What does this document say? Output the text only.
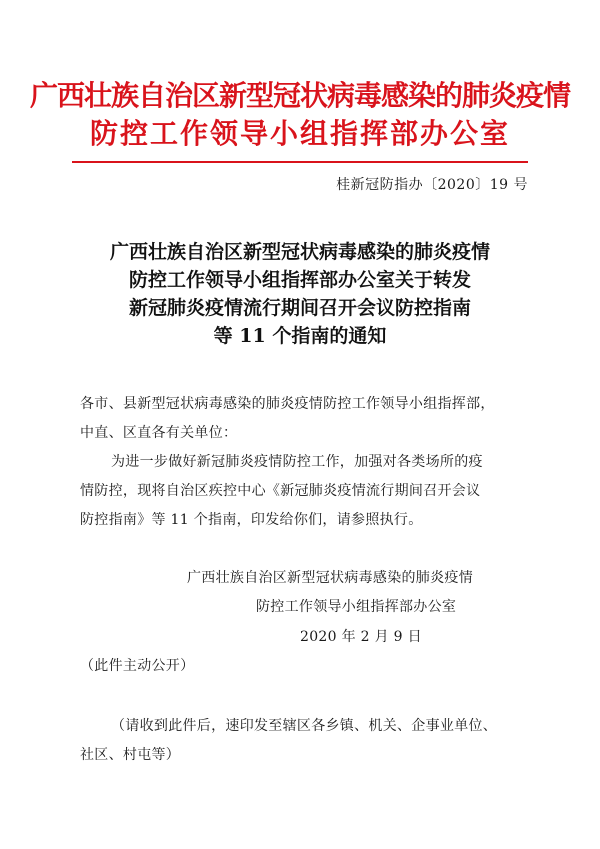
广西壮族自治区新型冠状病毒感染的肺炎疫情
防控工作领导小组指挥部办公室
桂新冠防指办〔2020〕19 号
广西壮族自治区新型冠状病毒感染的肺炎疫情
防控工作领导小组指挥部办公室关于转发
新冠肺炎疫情流行期间召开会议防控指南
等 11 个指南的通知
各市、县新型冠状病毒感染的肺炎疫情防控工作领导小组指挥部，
中直、区直各有关单位：
为进一步做好新冠肺炎疫情防控工作，加强对各类场所的疫
情防控，现将自治区疾控中心《新冠肺炎疫情流行期间召开会议
防控指南》等 11 个指南，印发给你们，请参照执行。
广西壮族自治区新型冠状病毒感染的肺炎疫情
防控工作领导小组指挥部办公室
2020 年 2 月 9 日
（此件主动公开）
（请收到此件后，速印发至辖区各乡镇、机关、企事业单位、
社区、村屯等）
